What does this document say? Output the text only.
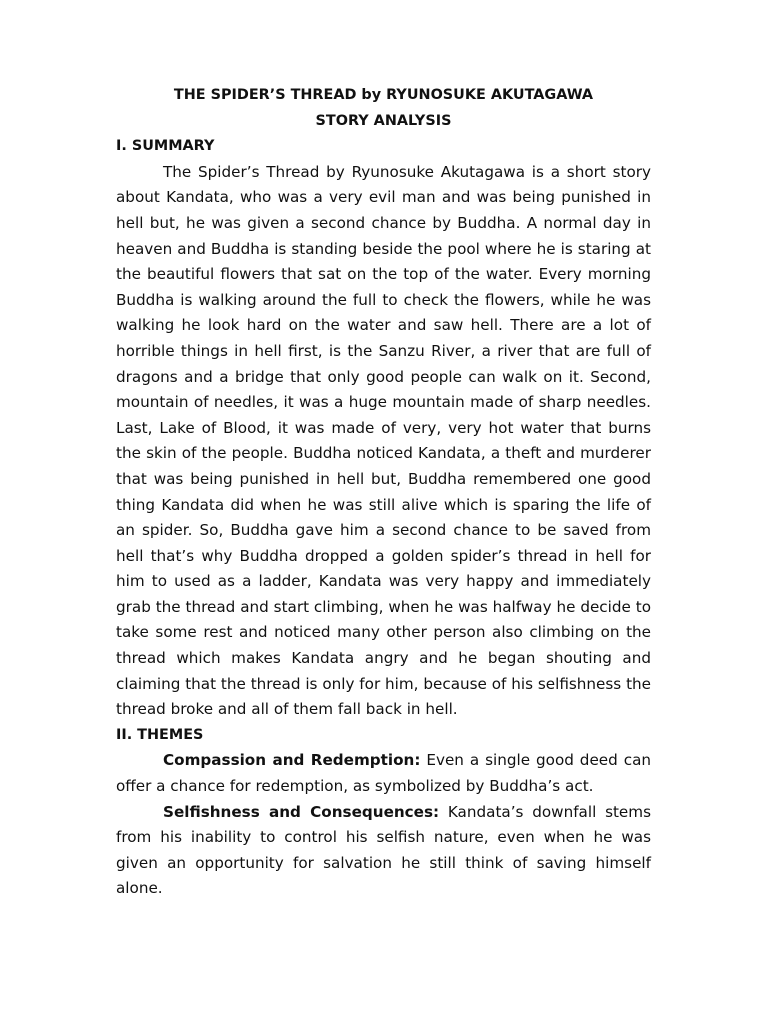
THE SPIDER’S THREAD by RYUNOSUKE AKUTAGAWA

STORY ANALYSIS

I. SUMMARY

The Spider’s Thread by Ryunosuke Akutagawa is a short story about Kandata, who was a very evil man and was being punished in hell but, he was given a second chance by Buddha. A normal day in heaven and Buddha is standing beside the pool where he is staring at the beautiful flowers that sat on the top of the water. Every morning Buddha is walking around the full to check the flowers, while he was walking he look hard on the water and saw hell. There are a lot of horrible things in hell first, is the Sanzu River, a river that are full of dragons and a bridge that only good people can walk on it. Second, mountain of needles, it was a huge mountain made of sharp needles. Last, Lake of Blood, it was made of very, very hot water that burns the skin of the people. Buddha noticed Kandata, a theft and murderer that was being punished in hell but, Buddha remembered one good thing Kandata did when he was still alive which is sparing the life of an spider. So, Buddha gave him a second chance to be saved from hell that’s why Buddha dropped a golden spider’s thread in hell for him to used as a ladder, Kandata was very happy and immediately grab the thread and start climbing, when he was halfway he decide to take some rest and noticed many other person also climbing on the thread which makes Kandata angry and he began shouting and claiming that the thread is only for him, because of his selfishness the thread broke and all of them fall back in hell.

II. THEMES

Compassion and Redemption: Even a single good deed can offer a chance for redemption, as symbolized by Buddha’s act.

Selfishness and Consequences: Kandata’s downfall stems from his inability to control his selfish nature, even when he was given an opportunity for salvation he still think of saving himself alone.
